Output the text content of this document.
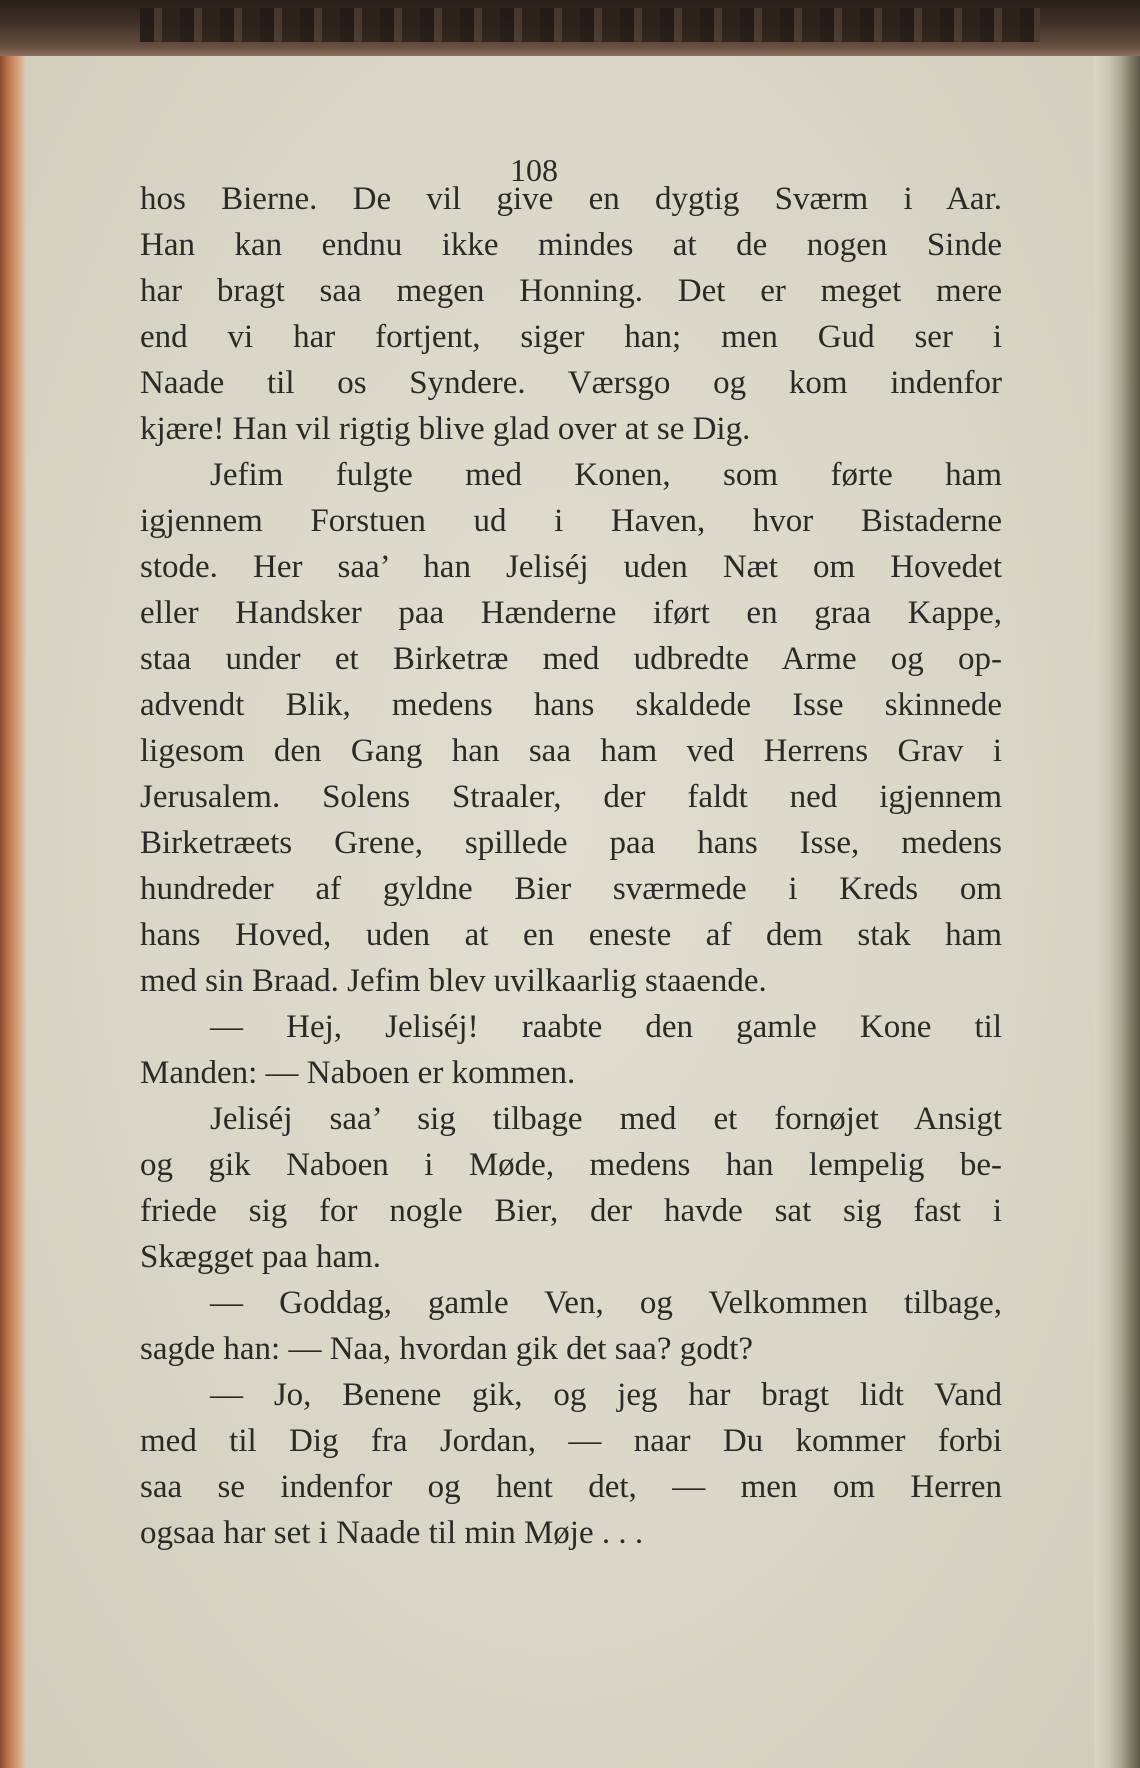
108
hos Bierne. De vil give en dygtig Sværm i Aar.
Han kan endnu ikke mindes at de nogen Sinde
har bragt saa megen Honning. Det er meget mere
end vi har fortjent, siger han; men Gud ser i
Naade til os Syndere. Værsgo og kom indenfor
kjære! Han vil rigtig blive glad over at se Dig.
Jefim fulgte med Konen, som førte ham
igjennem Forstuen ud i Haven, hvor Bistaderne
stode. Her saa’ han Jeliséj uden Næt om Hovedet
eller Handsker paa Hænderne iført en graa Kappe,
staa under et Birketræ med udbredte Arme og op-
advendt Blik, medens hans skaldede Isse skinnede
ligesom den Gang han saa ham ved Herrens Grav i
Jerusalem. Solens Straaler, der faldt ned igjennem
Birketræets Grene, spillede paa hans Isse, medens
hundreder af gyldne Bier sværmede i Kreds om
hans Hoved, uden at en eneste af dem stak ham
med sin Braad. Jefim blev uvilkaarlig staaende.
— Hej, Jeliséj! raabte den gamle Kone til
Manden: — Naboen er kommen.
Jeliséj saa’ sig tilbage med et fornøjet Ansigt
og gik Naboen i Møde, medens han lempelig be-
friede sig for nogle Bier, der havde sat sig fast i
Skægget paa ham.
— Goddag, gamle Ven, og Velkommen tilbage,
sagde han: — Naa, hvordan gik det saa? godt?
— Jo, Benene gik, og jeg har bragt lidt Vand
med til Dig fra Jordan, — naar Du kommer forbi
saa se indenfor og hent det, — men om Herren
ogsaa har set i Naade til min Møje . . .
